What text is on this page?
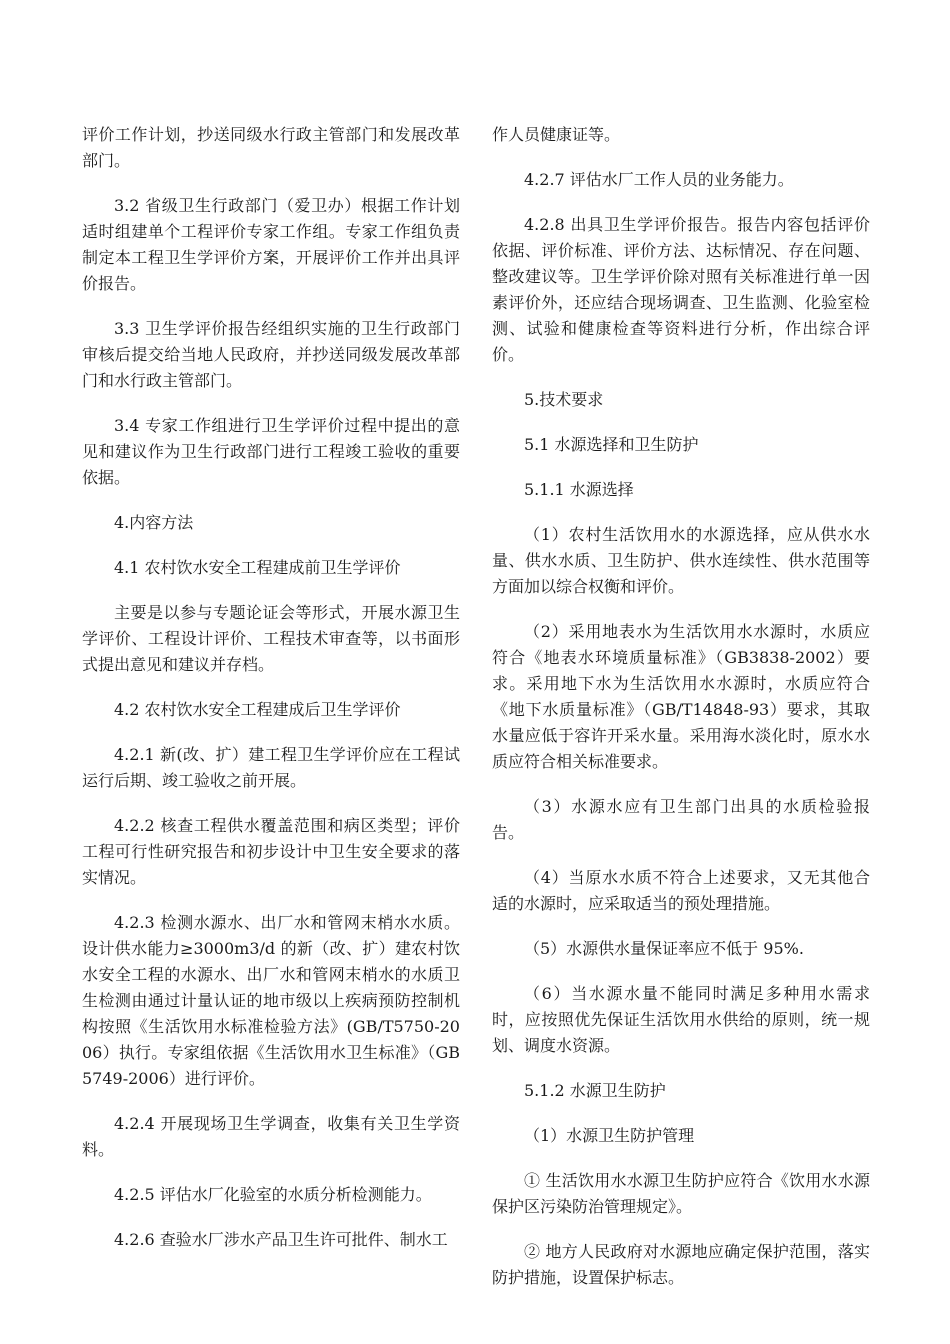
评价工作计划，抄送同级水行政主管部门和发展改革部门。

3.2 省级卫生行政部门（爱卫办）根据工作计划适时组建单个工程评价专家工作组。专家工作组负责制定本工程卫生学评价方案，开展评价工作并出具评价报告。

3.3 卫生学评价报告经组织实施的卫生行政部门审核后提交给当地人民政府，并抄送同级发展改革部门和水行政主管部门。

3.4 专家工作组进行卫生学评价过程中提出的意见和建议作为卫生行政部门进行工程竣工验收的重要依据。

4.内容方法

4.1 农村饮水安全工程建成前卫生学评价

主要是以参与专题论证会等形式，开展水源卫生学评价、工程设计评价、工程技术审查等，以书面形式提出意见和建议并存档。

4.2 农村饮水安全工程建成后卫生学评价

4.2.1 新(改、扩）建工程卫生学评价应在工程试运行后期、竣工验收之前开展。

4.2.2 核查工程供水覆盖范围和病区类型；评价工程可行性研究报告和初步设计中卫生安全要求的落实情况。

4.2.3 检测水源水、出厂水和管网末梢水水质。设计供水能力≥3000m3/d 的新（改、扩）建农村饮水安全工程的水源水、出厂水和管网末梢水的水质卫生检测由通过计量认证的地市级以上疾病预防控制机构按照《生活饮用水标准检验方法》(GB/T5750-2006）执行。专家组依据《生活饮用水卫生标准》（GB5749-2006）进行评价。

4.2.4 开展现场卫生学调查，收集有关卫生学资料。

4.2.5 评估水厂化验室的水质分析检测能力。

4.2.6 查验水厂涉水产品卫生许可批件、制水工

作人员健康证等。

4.2.7 评估水厂工作人员的业务能力。

4.2.8 出具卫生学评价报告。报告内容包括评价依据、评价标准、评价方法、达标情况、存在问题、整改建议等。卫生学评价除对照有关标准进行单一因素评价外，还应结合现场调查、卫生监测、化验室检测、试验和健康检查等资料进行分析，作出综合评价。

5.技术要求

5.1 水源选择和卫生防护

5.1.1 水源选择

（1）农村生活饮用水的水源选择，应从供水水量、供水水质、卫生防护、供水连续性、供水范围等方面加以综合权衡和评价。

（2）采用地表水为生活饮用水水源时，水质应符合《地表水环境质量标准》（GB3838-2002）要求。采用地下水为生活饮用水水源时，水质应符合《地下水质量标准》（GB/T14848-93）要求，其取水量应低于容许开采水量。采用海水淡化时，原水水质应符合相关标准要求。

（3）水源水应有卫生部门出具的水质检验报告。

（4）当原水水质不符合上述要求，又无其他合适的水源时，应采取适当的预处理措施。

（5）水源供水量保证率应不低于 95%.

（6）当水源水量不能同时满足多种用水需求时，应按照优先保证生活饮用水供给的原则，统一规划、调度水资源。

5.1.2 水源卫生防护

（1）水源卫生防护管理

① 生活饮用水水源卫生防护应符合《饮用水水源保护区污染防治管理规定》。

② 地方人民政府对水源地应确定保护范围，落实防护措施，设置保护标志。
